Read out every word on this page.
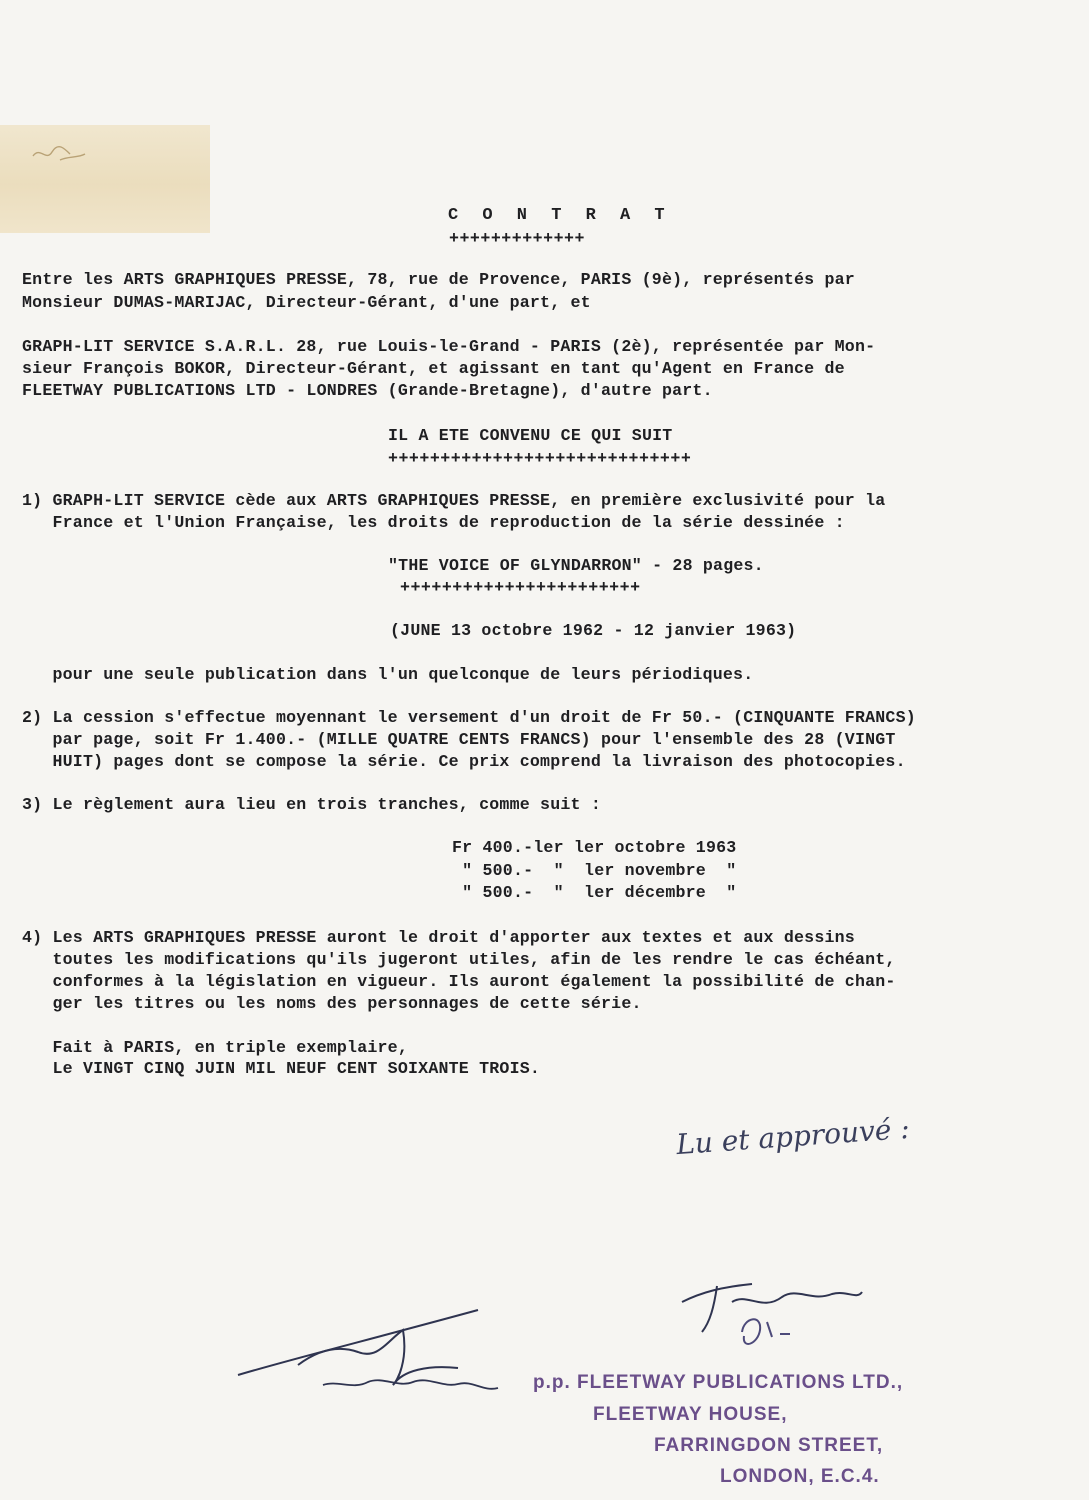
C O N T R A T
+++++++++++++
Entre les ARTS GRAPHIQUES PRESSE, 78, rue de Provence, PARIS (9è), représentés par
Monsieur DUMAS-MARIJAC, Directeur-Gérant, d'une part, et
GRAPH-LIT SERVICE S.A.R.L. 28, rue Louis-le-Grand - PARIS (2è), représentée par Mon-
sieur François BOKOR, Directeur-Gérant, et agissant en tant qu'Agent en France de
FLEETWAY PUBLICATIONS LTD - LONDRES (Grande-Bretagne), d'autre part.
IL A ETE CONVENU CE QUI SUIT
+++++++++++++++++++++++++++++
1) GRAPH-LIT SERVICE cède aux ARTS GRAPHIQUES PRESSE, en première exclusivité pour la
France et l'Union Française, les droits de reproduction de la série dessinée :
"THE VOICE OF GLYNDARRON" - 28 pages.
+++++++++++++++++++++++
(JUNE 13 octobre 1962 - 12 janvier 1963)
pour une seule publication dans l'un quelconque de leurs périodiques.
2) La cession s'effectue moyennant le versement d'un droit de Fr 50.- (CINQUANTE FRANCS)
par page, soit Fr 1.400.- (MILLE QUATRE CENTS FRANCS) pour l'ensemble des 28 (VINGT
HUIT) pages dont se compose la série. Ce prix comprend la livraison des photocopies.
3) Le règlement aura lieu en trois tranches, comme suit :
Fr 400.-ler ler octobre 1963
" 500.-  "  ler novembre  "
" 500.-  "  ler décembre  "
4) Les ARTS GRAPHIQUES PRESSE auront le droit d'apporter aux textes et aux dessins
toutes les modifications qu'ils jugeront utiles, afin de les rendre le cas échéant,
conformes à la législation en vigueur. Ils auront également la possibilité de chan-
ger les titres ou les noms des personnages de cette série.
Fait à PARIS, en triple exemplaire,
Le VINGT CINQ JUIN MIL NEUF CENT SOIXANTE TROIS.
Lu et approuvé :
p.p. FLEETWAY PUBLICATIONS LTD.,
FLEETWAY HOUSE,
FARRINGDON STREET,
LONDON, E.C.4.
